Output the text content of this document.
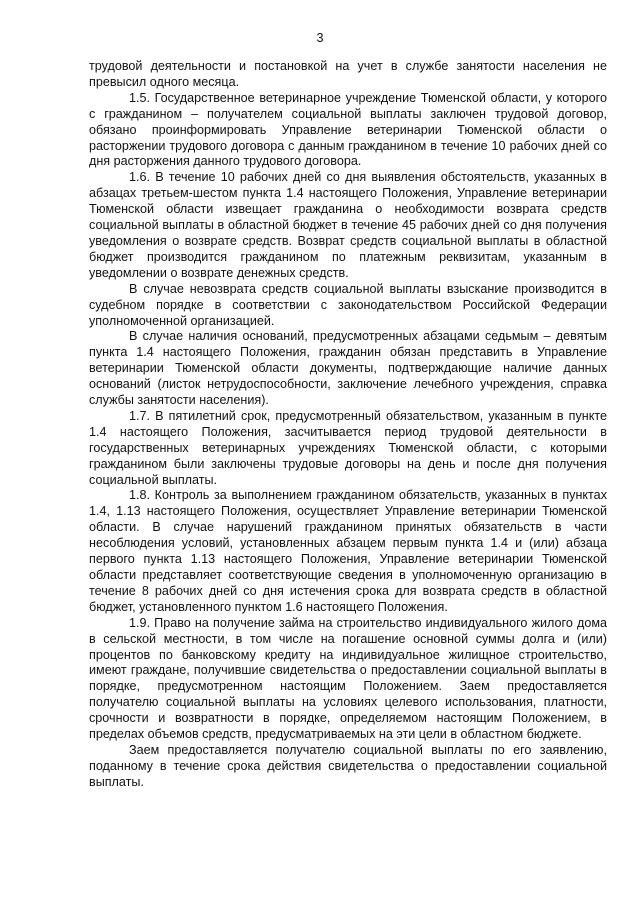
3

трудовой деятельности и постановкой на учет в службе занятости населения не превысил одного месяца.

1.5. Государственное ветеринарное учреждение Тюменской области, у которого с гражданином – получателем социальной выплаты заключен трудовой договор, обязано проинформировать Управление ветеринарии Тюменской области о расторжении трудового договора с данным гражданином в течение 10 рабочих дней со дня расторжения данного трудового договора.

1.6. В течение 10 рабочих дней со дня выявления обстоятельств, указанных в абзацах третьем-шестом пункта 1.4 настоящего Положения, Управление ветеринарии Тюменской области извещает гражданина о необходимости возврата средств социальной выплаты в областной бюджет в течение 45 рабочих дней со дня получения уведомления о возврате средств. Возврат средств социальной выплаты в областной бюджет производится гражданином по платежным реквизитам, указанным в уведомлении о возврате денежных средств.

В случае невозврата средств социальной выплаты взыскание производится в судебном порядке в соответствии с законодательством Российской Федерации уполномоченной организацией.

В случае наличия оснований, предусмотренных абзацами седьмым – девятым пункта 1.4 настоящего Положения, гражданин обязан представить в Управление ветеринарии Тюменской области документы, подтверждающие наличие данных оснований (листок нетрудоспособности, заключение лечебного учреждения, справка службы занятости населения).

1.7. В пятилетний срок, предусмотренный обязательством, указанным в пункте 1.4 настоящего Положения, засчитывается период трудовой деятельности в государственных ветеринарных учреждениях Тюменской области, с которыми гражданином были заключены трудовые договоры на день и после дня получения социальной выплаты.

1.8. Контроль за выполнением гражданином обязательств, указанных в пунктах 1.4, 1.13 настоящего Положения, осуществляет Управление ветеринарии Тюменской области. В случае нарушений гражданином принятых обязательств в части несоблюдения условий, установленных абзацем первым пункта 1.4 и (или) абзаца первого пункта 1.13 настоящего Положения, Управление ветеринарии Тюменской области представляет соответствующие сведения в уполномоченную организацию в течение 8 рабочих дней со дня истечения срока для возврата средств в областной бюджет, установленного пунктом 1.6 настоящего Положения.

1.9. Право на получение займа на строительство индивидуального жилого дома в сельской местности, в том числе на погашение основной суммы долга и (или) процентов по банковскому кредиту на индивидуальное жилищное строительство, имеют граждане, получившие свидетельства о предоставлении социальной выплаты в порядке, предусмотренном настоящим Положением. Заем предоставляется получателю социальной выплаты на условиях целевого использования, платности, срочности и возвратности в порядке, определяемом настоящим Положением, в пределах объемов средств, предусматриваемых на эти цели в областном бюджете.

Заем предоставляется получателю социальной выплаты по его заявлению, поданному в течение срока действия свидетельства о предоставлении социальной выплаты.
